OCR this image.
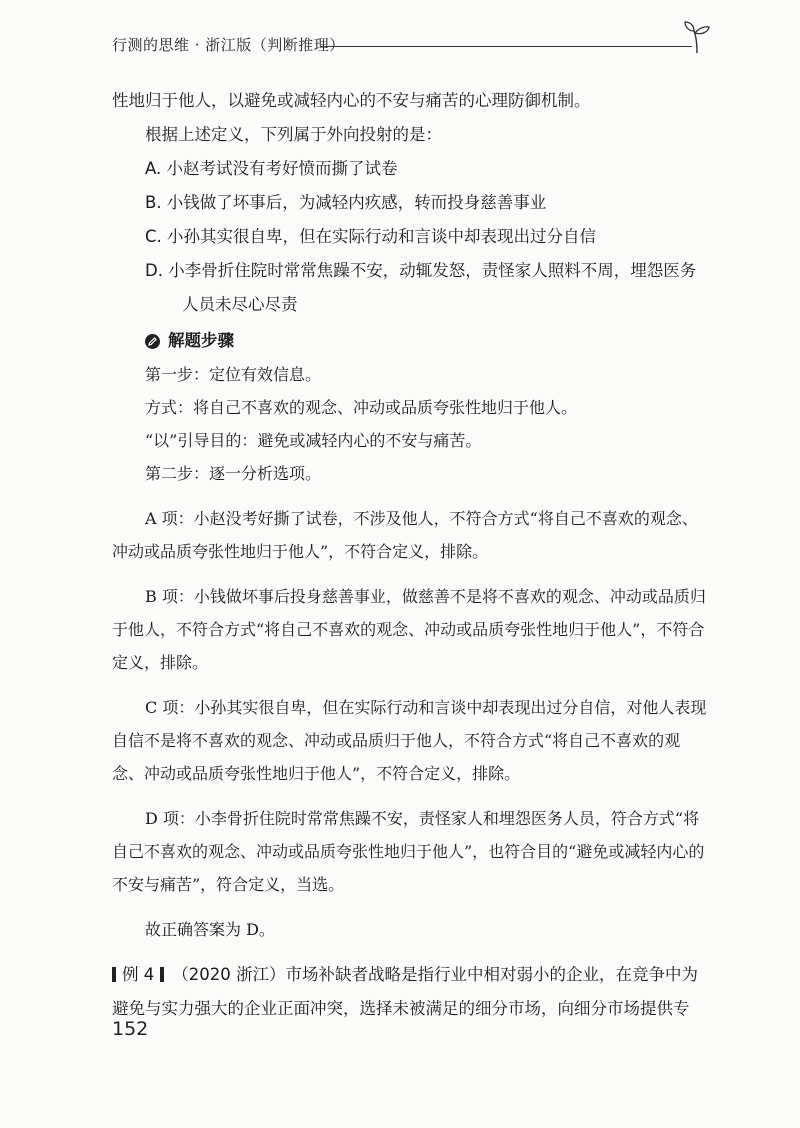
行测的思维 · 浙江版（判断推理）

性地归于他人，以避免或减轻内心的不安与痛苦的心理防御机制。

根据上述定义，下列属于外向投射的是：

A. 小赵考试没有考好愤而撕了试卷

B. 小钱做了坏事后，为减轻内疚感，转而投身慈善事业

C. 小孙其实很自卑，但在实际行动和言谈中却表现出过分自信

D. 小李骨折住院时常常焦躁不安，动辄发怒，责怪家人照料不周，埋怨医务人员未尽心尽责

解题步骤

第一步：定位有效信息。

方式：将自己不喜欢的观念、冲动或品质夸张性地归于他人。

“以”引导目的：避免或减轻内心的不安与痛苦。

第二步：逐一分析选项。

A 项：小赵没考好撕了试卷，不涉及他人，不符合方式“将自己不喜欢的观念、冲动或品质夸张性地归于他人”，不符合定义，排除。

B 项：小钱做坏事后投身慈善事业，做慈善不是将不喜欢的观念、冲动或品质归于他人，不符合方式“将自己不喜欢的观念、冲动或品质夸张性地归于他人”，不符合定义，排除。

C 项：小孙其实很自卑，但在实际行动和言谈中却表现出过分自信，对他人表现自信不是将不喜欢的观念、冲动或品质归于他人，不符合方式“将自己不喜欢的观念、冲动或品质夸张性地归于他人”，不符合定义，排除。

D 项：小李骨折住院时常常焦躁不安，责怪家人和埋怨医务人员，符合方式“将自己不喜欢的观念、冲动或品质夸张性地归于他人”，也符合目的“避免或减轻内心的不安与痛苦”，符合定义，当选。

故正确答案为 D。

例 4 （2020 浙江）市场补缺者战略是指行业中相对弱小的企业，在竞争中为避免与实力强大的企业正面冲突，选择未被满足的细分市场，向细分市场提供专

152
